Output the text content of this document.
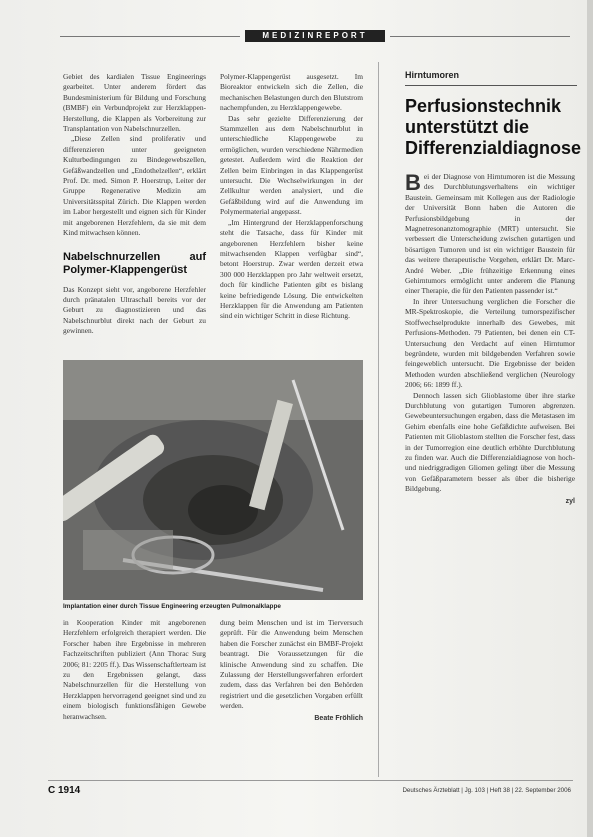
MEDIZINREPORT

Gebiet des kardialen Tissue Engineerings gearbeitet. Unter anderem fördert das Bundesministerium für Bildung und Forschung (BMBF) ein Verbundprojekt zur Herzklappen-Herstellung, die Klappen als Vorbereitung zur Transplantation von Nabelschnurzellen.

„Diese Zellen sind proliferativ und differenzieren unter geeigneten Kulturbedingungen zu Bindegewebszellen, Gefäßwandzellen und „Endothelzellen“, erklärt Prof. Dr. med. Simon P. Hoerstrup, Leiter der Gruppe Regenerative Medizin am Universitätsspital Zürich. Die Klappen werden im Labor hergestellt und eignen sich für Kinder mit angeborenen Herzfehlern, da sie mit dem Kind mitwachsen können.

Nabelschnurzellen auf Polymer-Klappengerüst

Das Konzept sieht vor, angeborene Herzfehler durch pränatalen Ultraschall bereits vor der Geburt zu diagnostizieren und das Nabelschnurblut direkt nach der Geburt zu gewinnen.

Polymer-Klappengerüst ausgesetzt. Im Bioreaktor entwickeln sich die Zellen, die mechanischen Belastungen durch den Blutstrom nachempfunden, zu Herzklappengewebe.

Das sehr gezielte Differenzierung der Stammzellen aus dem Nabelschnurblut in unterschiedliche Klappengewebe zu ermöglichen, wurden verschiedene Nährmedien getestet. Außerdem wird die Reaktion der Zellen beim Einbringen in das Klappengerüst untersucht. Die Wechselwirkungen in der Zellkultur werden analysiert, und die Gefäßbildung wird auf die Anwendung im Polymermaterial angepasst.

„Im Hintergrund der Herzklappenforschung steht die Tatsache, dass für Kinder mit angeborenen Herzfehlern bisher keine mitwachsenden Klappen verfügbar sind“, betont Hoerstrup. Zwar werden derzeit etwa 300 000 Herzklappen pro Jahr weltweit ersetzt, doch für kindliche Patienten gibt es bislang keine befriedigende Lösung. Die entwickelten Herzklappen für die Anwendung am Patienten sind ein wichtiger Schritt in diese Richtung.

Implantation einer durch Tissue Engineering erzeugten Pulmonalklappe

in Kooperation Kinder mit angeborenen Herzfehlern erfolgreich therapiert werden. Die Forscher haben ihre Ergebnisse in mehreren Fachzeitschriften publiziert (Ann Thorac Surg 2006; 81: 2205 ff.). Das Wissenschaftlerteam ist zu den Ergebnissen gelangt, dass Nabelschnurzellen für die Herstellung von Herzklappen hervorragend geeignet sind und zu einem biologisch funktionsfähigen Gewebe heranwachsen.

dung beim Menschen und ist im Tierversuch geprüft. Für die Anwendung beim Menschen haben die Forscher zunächst ein BMBF-Projekt beantragt. Die Voraussetzungen für die klinische Anwendung sind zu schaffen. Die Zulassung der Herstellungsverfahren erfordert zudem, dass das Verfahren bei den Behörden registriert und die gesetzlichen Vorgaben erfüllt werden.

Beate Fröhlich
Hirntumoren
Perfusionstechnik unterstützt die Differenzialdiagnose

Bei der Diagnose von Hirntumoren ist die Messung des Durchblutungsverhaltens ein wichtiger Baustein. Gemeinsam mit Kollegen aus der Radiologie der Universität Bonn haben die Autoren die Perfusionsbildgebung in der Magnetresonanztomographie (MRT) untersucht. Sie verbessert die Unterscheidung zwischen gutartigen und bösartigen Tumoren und ist ein wichtiger Baustein für das weitere therapeutische Vorgehen, erklärt Dr. Marc-André Weber. „Die frühzeitige Erkennung eines Gehirntumors ermöglicht unter anderem die Planung einer Therapie, die für den Patienten passender ist.“

In ihrer Untersuchung verglichen die Forscher die MR-Spektroskopie, die Verteilung tumorspezifischer Stoffwechselprodukte innerhalb des Gewebes, mit Perfusions-Methoden. 79 Patienten, bei denen ein CT-Untersuchung den Verdacht auf einen Hirntumor begründete, wurden mit bildgebenden Verfahren sowie feingeweblich untersucht. Die Ergebnisse der beiden Methoden wurden abschließend verglichen (Neurology 2006; 66: 1899 ff.).

Dennoch lassen sich Glioblastome über ihre starke Durchblutung von gutartigen Tumoren abgrenzen. Gewebeuntersuchungen ergaben, dass die Metastasen im Gehirn ebenfalls eine hohe Gefäßdichte aufweisen. Bei Patienten mit Glioblastom stellten die Forscher fest, dass in der Tumorregion eine deutlich erhöhte Durchblutung zu finden war. Auch die Differenzialdiagnose von hoch- und niedriggradigen Gliomen gelingt über die Messung von Gefäßparametern besser als über die bisherige Bildgebung.

zyl
C 1914	Deutsches Ärzteblatt | Jg. 103 | Heft 38 | 22. September 2006
